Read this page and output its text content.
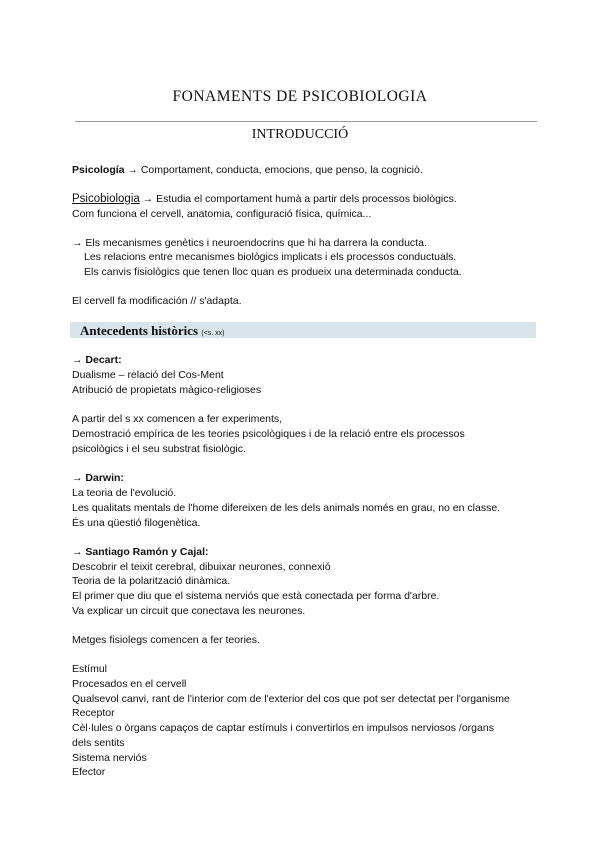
FONAMENTS DE PSICOBIOLOGIA
INTRODUCCIÓ
Psicología → Comportament, conducta, emocions, que penso, la cogniciò.
Psicobiologia → Estudia el comportament humà a partir dels processos biològics.
Com funciona el cervell, anatomia, configuració física, química...
→ Els mecanismes genètics i neuroendocrins que hi ha darrera la conducta.
Les relacions entre mecanismes biològics implicats i els processos conductuals.
Els canvis fisiològics que tenen lloc quan es produeix una determinada conducta.
El cervell fa modificación // s'adapta.
Antecedents històrics (<s. xx)
→ Decart:
Dualisme – relació del Cos-Ment
Atribució de propietats màgico-religioses
A partir del s xx comencen a fer experiments,
Demostració empírica de les teories psicològiques i de la relació entre els processos
psicològics i el seu substrat fisiològic.
→ Darwin:
La teoria de l'evolució.
Les qualitats mentals de l'home difereixen de les dels animals només en grau, no en classe.
És una qüestió filogenètica.
→ Santiago Ramón y Cajal:
Descobrir el teixit cerebral, dibuixar neurones, connexió
Teoria de la polarització dinàmica.
El primer que diu que el sistema nerviós que està conectada per forma d'arbre.
Va explicar un circuit que conectava les neurones.
Metges fisiolegs comencen a fer teories.
Estímul
Procesados en el cervell
Qualsevol canvi, rant de l'interior com de l'exterior del cos que pot ser detectat per l'organisme
Receptor
Cèl·lules o òrgans capaços de captar estímuls i convertirlos en impulsos nerviosos /organs
dels sentits
Sistema nerviós
Efector
